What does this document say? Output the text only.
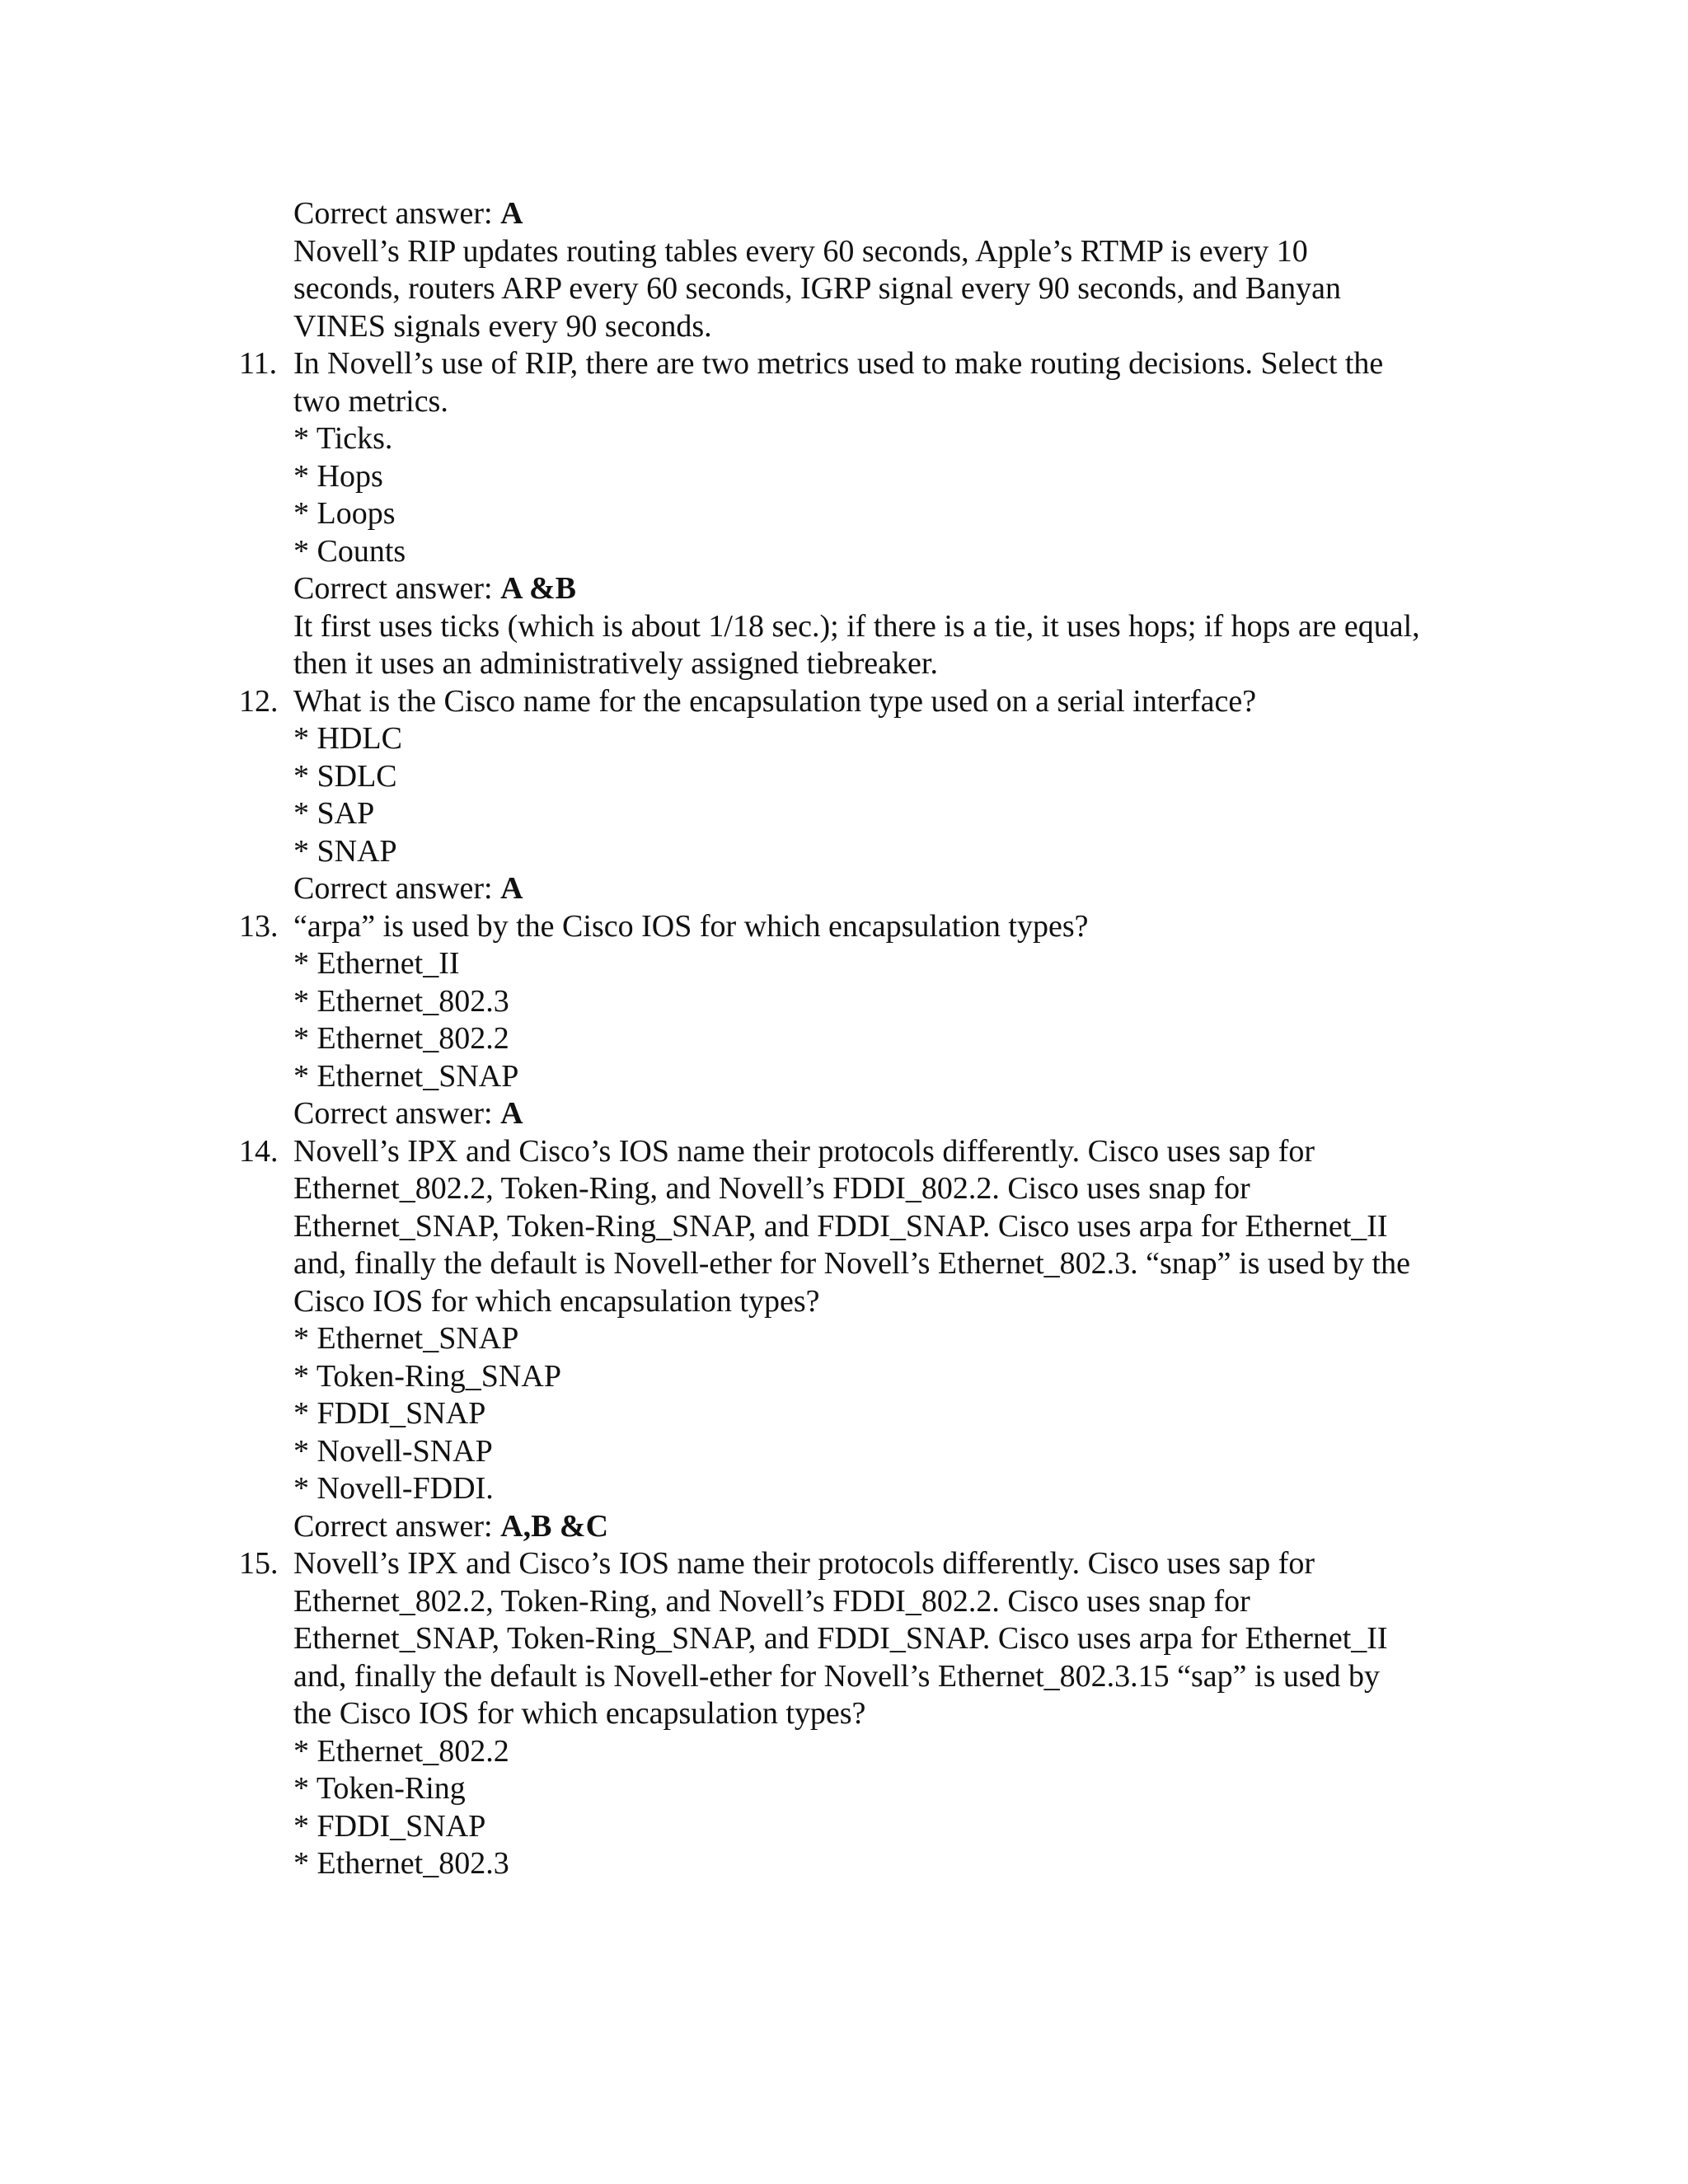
Correct answer: A
Novell’s RIP updates routing tables every 60 seconds, Apple’s RTMP is every 10
seconds, routers ARP every 60 seconds, IGRP signal every 90 seconds, and Banyan
VINES signals every 90 seconds.
11. In Novell’s use of RIP, there are two metrics used to make routing decisions. Select the
two metrics.
* Ticks.
* Hops
* Loops
* Counts
Correct answer: A &B
It first uses ticks (which is about 1/18 sec.); if there is a tie, it uses hops; if hops are equal,
then it uses an administratively assigned tiebreaker.
12. What is the Cisco name for the encapsulation type used on a serial interface?
* HDLC
* SDLC
* SAP
* SNAP
Correct answer: A
13. “arpa” is used by the Cisco IOS for which encapsulation types?
* Ethernet_II
* Ethernet_802.3
* Ethernet_802.2
* Ethernet_SNAP
Correct answer: A
14. Novell’s IPX and Cisco’s IOS name their protocols differently. Cisco uses sap for
Ethernet_802.2, Token-Ring, and Novell’s FDDI_802.2. Cisco uses snap for
Ethernet_SNAP, Token-Ring_SNAP, and FDDI_SNAP. Cisco uses arpa for Ethernet_II
and, finally the default is Novell-ether for Novell’s Ethernet_802.3. “snap” is used by the
Cisco IOS for which encapsulation types?
* Ethernet_SNAP
* Token-Ring_SNAP
* FDDI_SNAP
* Novell-SNAP
* Novell-FDDI.
Correct answer: A,B &C
15. Novell’s IPX and Cisco’s IOS name their protocols differently. Cisco uses sap for
Ethernet_802.2, Token-Ring, and Novell’s FDDI_802.2. Cisco uses snap for
Ethernet_SNAP, Token-Ring_SNAP, and FDDI_SNAP. Cisco uses arpa for Ethernet_II
and, finally the default is Novell-ether for Novell’s Ethernet_802.3.15 “sap” is used by
the Cisco IOS for which encapsulation types?
* Ethernet_802.2
* Token-Ring
* FDDI_SNAP
* Ethernet_802.3
